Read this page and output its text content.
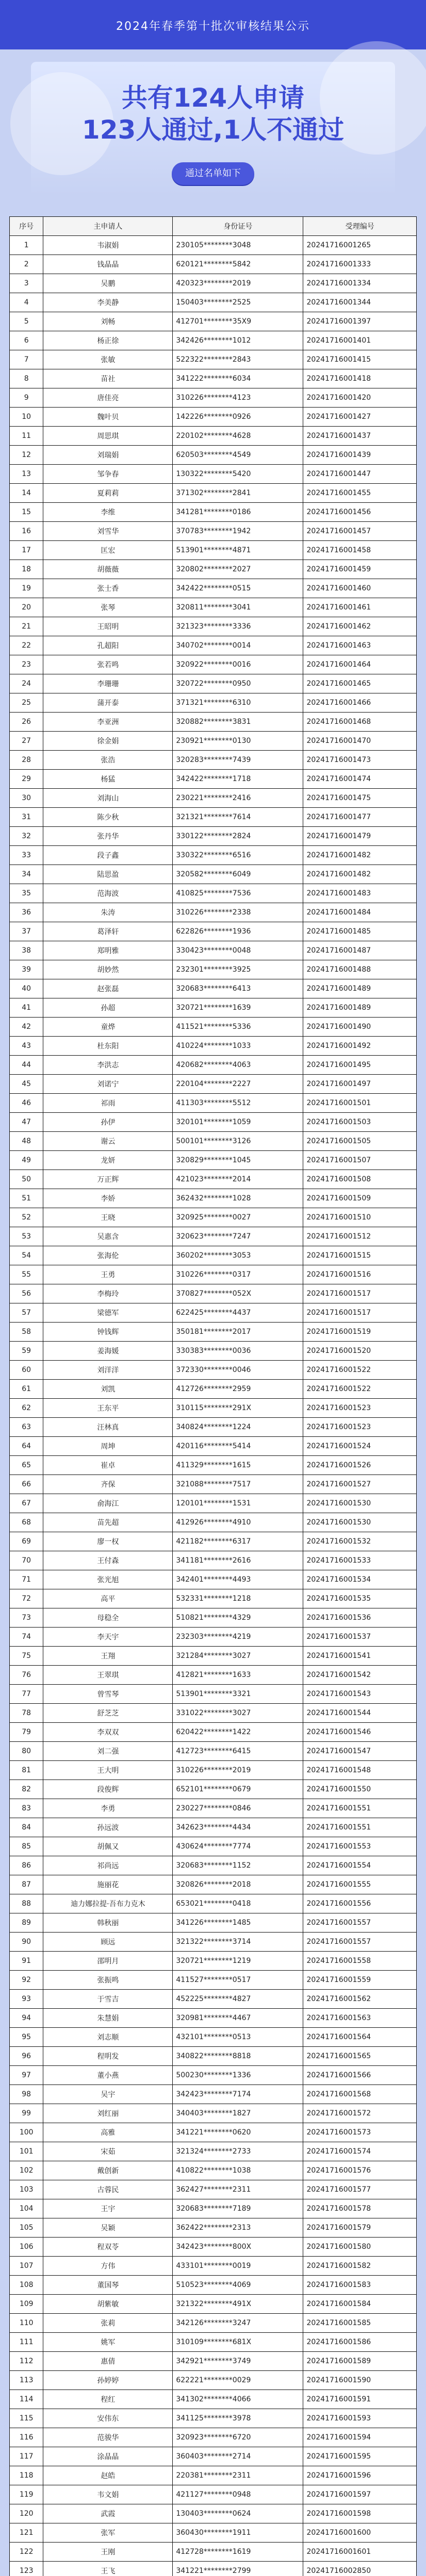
2024年春季第十批次审核结果公示
共有124人申请
123人通过,1人不通过
通过名单如下
序号	主申请人	身份证号	受理编号
1	韦淑娟	230105********3048	20241716001265
2	钱晶晶	620121********5842	20241716001333
3	吴鹏	420323********2019	20241716001334
4	李美静	150403********2525	20241716001344
5	刘畅	412701********35X9	20241716001397
6	杨正徐	342426********1012	20241716001401
7	张敏	522322********2843	20241716001415
8	苗社	341222********6034	20241716001418
9	唐佳亮	310226********4123	20241716001420
10	魏叶贝	142226********0926	20241716001427
11	周思琪	220102********4628	20241716001437
12	刘瑞娟	620503********4549	20241716001439
13	邹争春	130322********5420	20241716001447
14	夏莉莉	371302********2841	20241716001455
15	李维	341281********0186	20241716001456
16	刘雪华	370783********1942	20241716001457
17	匡宏	513901********4871	20241716001458
18	胡薇薇	320802********2027	20241716001459
19	张士香	342422********0515	20241716001460
20	张琴	320811********3041	20241716001461
21	王昭明	321323********3336	20241716001462
22	孔超阳	340702********0014	20241716001463
23	张若鸣	320922********0016	20241716001464
24	李珊珊	320722********0950	20241716001465
25	蒲开泰	371321********6310	20241716001466
26	李亚洲	320882********3831	20241716001468
27	徐金娟	230921********0130	20241716001470
28	张浩	320283********7439	20241716001473
29	杨猛	342422********1718	20241716001474
30	刘海山	230221********2416	20241716001475
31	陈少秋	321321********7614	20241716001477
32	张丹华	330122********2824	20241716001479
33	段子鑫	330322********6516	20241716001482
34	陆思盈	320582********6049	20241716001482
35	范海波	410825********7536	20241716001483
36	朱涛	310226********2338	20241716001484
37	葛泽轩	622826********1936	20241716001485
38	郑明雅	330423********0048	20241716001487
39	胡妙然	232301********3925	20241716001488
40	赵张磊	320683********6413	20241716001489
41	孙超	320721********1639	20241716001489
42	童烨	411521********5336	20241716001490
43	杜东阳	410224********1033	20241716001492
44	李洪志	420682********4063	20241716001495
45	刘诺宁	220104********2227	20241716001497
46	祁雨	411303********5512	20241716001501
47	孙伊	320101********1059	20241716001503
48	谢云	500101********3126	20241716001505
49	龙妍	320829********1045	20241716001507
50	万正辉	421023********2014	20241716001508
51	李娇	362432********1028	20241716001509
52	王晓	320925********0027	20241716001510
53	吴惠含	320623********7247	20241716001512
54	张海伦	360202********3053	20241716001515
55	王勇	310226********0317	20241716001516
56	李梅玲	370827********052X	20241716001517
57	梁德军	622425********4437	20241716001517
58	钟钱辉	350181********2017	20241716001519
59	姜海媛	330383********0036	20241716001520
60	刘洋洋	372330********0046	20241716001522
61	刘凯	412726********2959	20241716001522
62	王东平	310115********291X	20241716001523
63	汪林真	340824********1224	20241716001523
64	周坤	420116********5414	20241716001524
65	崔卓	411329********1615	20241716001526
66	齐保	321088********7517	20241716001527
67	俞海江	120101********1531	20241716001530
68	苗先超	412926********4910	20241716001530
69	廖一权	421182********6317	20241716001532
70	王付森	341181********2616	20241716001533
71	张光旭	342401********4493	20241716001534
72	高平	532331********1218	20241716001535
73	母稳全	510821********4329	20241716001536
74	李天宇	232303********4219	20241716001537
75	王翔	321284********3027	20241716001541
76	王翠琪	412821********1633	20241716001542
77	曾雪琴	513901********3321	20241716001543
78	舒芝芝	331022********3027	20241716001544
79	李双双	620422********1422	20241716001546
80	刘二强	412723********6415	20241716001547
81	王大明	310226********2019	20241716001548
82	段俊辉	652101********0679	20241716001550
83	李勇	230227********0846	20241716001551
84	孙远波	342623********4434	20241716001551
85	胡佩又	430624********7774	20241716001553
86	祁尚远	320683********1152	20241716001554
87	施丽花	320826********2018	20241716001555
88	迪力娜拉提·吾布力克木	653021********0418	20241716001556
89	韩秋丽	341226********1485	20241716001557
90	顾远	321322********3714	20241716001557
91	邵明月	320721********1219	20241716001558
92	张振鸣	411527********0517	20241716001559
93	于雪吉	452225********4827	20241716001562
94	朱慧娟	320981********4467	20241716001563
95	刘志顺	432101********0513	20241716001564
96	程明发	340822********8818	20241716001565
97	董小燕	500230********1336	20241716001566
98	吴宇	342423********7174	20241716001568
99	刘红丽	340403********1827	20241716001572
100	高雅	341221********0620	20241716001573
101	宋茹	321324********2733	20241716001574
102	戴创新	410822********1038	20241716001576
103	古蓉民	362427********2311	20241716001577
104	王宇	320683********7189	20241716001578
105	吴颖	362422********2313	20241716001579
106	程双苓	342423********800X	20241716001580
107	方伟	433101********0019	20241716001582
108	董国琴	510523********4069	20241716001583
109	胡紫敏	321322********491X	20241716001584
110	张莉	342126********3247	20241716001585
111	姚军	310109********681X	20241716001586
112	惠倩	342921********3749	20241716001589
113	孙婷婷	622221********0029	20241716001590
114	程红	341302********4066	20241716001591
115	安伟东	341125********3978	20241716001593
116	范骏华	320923********6720	20241716001594
117	涂晶晶	360403********2714	20241716001595
118	赵皓	220381********2311	20241716001596
119	韦文娟	421127********0948	20241716001597
120	武霞	130403********0624	20241716001598
121	张军	360430********1911	20241716001600
122	王刚	412728********1619	20241716001601
123	王飞	341221********2799	20241716002850
